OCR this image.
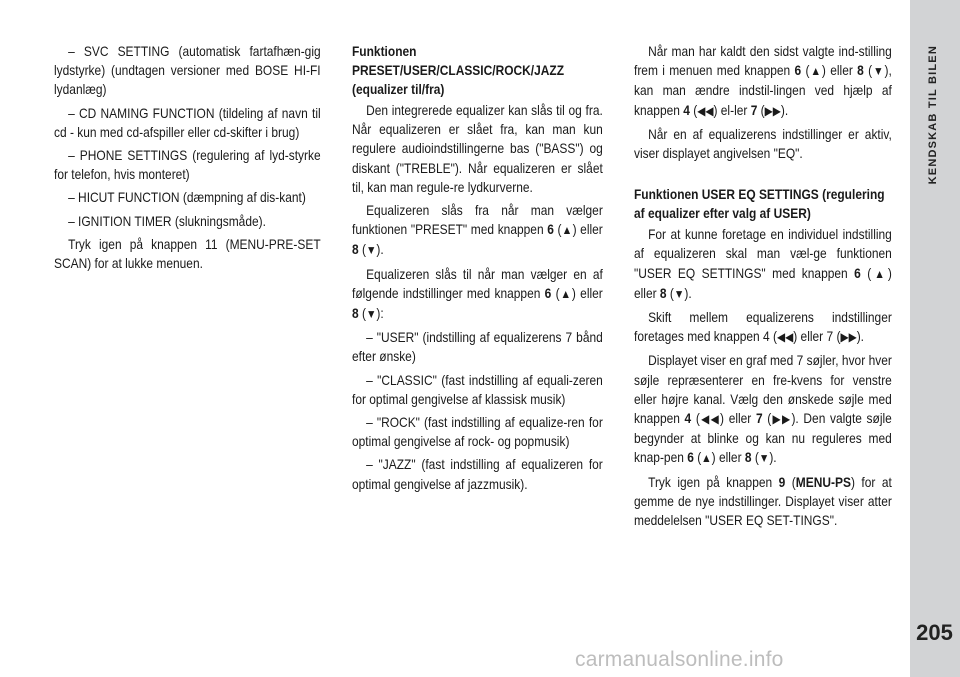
KENDSKAB TIL BILEN
205

– SVC SETTING (automatisk fartafhæn-gig lydstyrke) (undtagen versioner med BOSE HI-FI lydanlæg)

– CD NAMING FUNCTION (tildeling af navn til cd - kun med cd-afspiller eller cd-skifter i brug)

– PHONE SETTINGS (regulering af lyd-styrke for telefon, hvis monteret)

– HICUT FUNCTION (dæmpning af dis-kant)

– IGNITION TIMER (slukningsmåde).

Tryk igen på knappen 11 (MENU-PRE-SET SCAN) for at lukke menuen.

Funktionen PRESET/USER/CLASSIC/ROCK/JAZZ (equalizer til/fra)

Den integrerede equalizer kan slås til og fra. Når equalizeren er slået fra, kan man kun regulere audioindstillingerne bas ("BASS") og diskant ("TREBLE"). Når equalizeren er slået til, kan man regule-re lydkurverne.

Equalizeren slås fra når man vælger funktionen "PRESET" med knappen 6 (▲) eller 8 (▼).

Equalizeren slås til når man vælger en af følgende indstillinger med knappen 6 (▲) eller 8 (▼):

– "USER" (indstilling af equalizerens 7 bånd efter ønske)

– "CLASSIC" (fast indstilling af equali-zeren for optimal gengivelse af klassisk musik)

– "ROCK" (fast indstilling af equalize-ren for optimal gengivelse af rock- og popmusik)

– "JAZZ" (fast indstilling af equalizeren for optimal gengivelse af jazzmusik).

Når man har kaldt den sidst valgte ind-stilling frem i menuen med knappen 6 (▲) eller 8 (▼), kan man ændre indstil-lingen ved hjælp af knappen 4 (◀◀) el-ler 7 (▶▶).

Når en af equalizerens indstillinger er aktiv, viser displayet angivelsen "EQ".

Funktionen USER EQ SETTINGS (regulering af equalizer efter valg af USER)

For at kunne foretage en individuel indstilling af equalizeren skal man væl-ge funktionen "USER EQ SETTINGS" med knappen 6 (▲) eller 8 (▼).

Skift mellem equalizerens indstillinger foretages med knappen 4 (◀◀) eller 7 (▶▶).

Displayet viser en graf med 7 søjler, hvor hver søjle repræsenterer en fre-kvens for venstre eller højre kanal. Vælg den ønskede søjle med knappen 4 (◀◀) eller 7 (▶▶). Den valgte søjle begynder at blinke og kan nu reguleres med knap-pen 6 (▲) eller 8 (▼).

Tryk igen på knappen 9 (MENU-PS) for at gemme de nye indstillinger. Displayet viser atter meddelelsen "USER EQ SET-TINGS".

carmanualsonline.info
